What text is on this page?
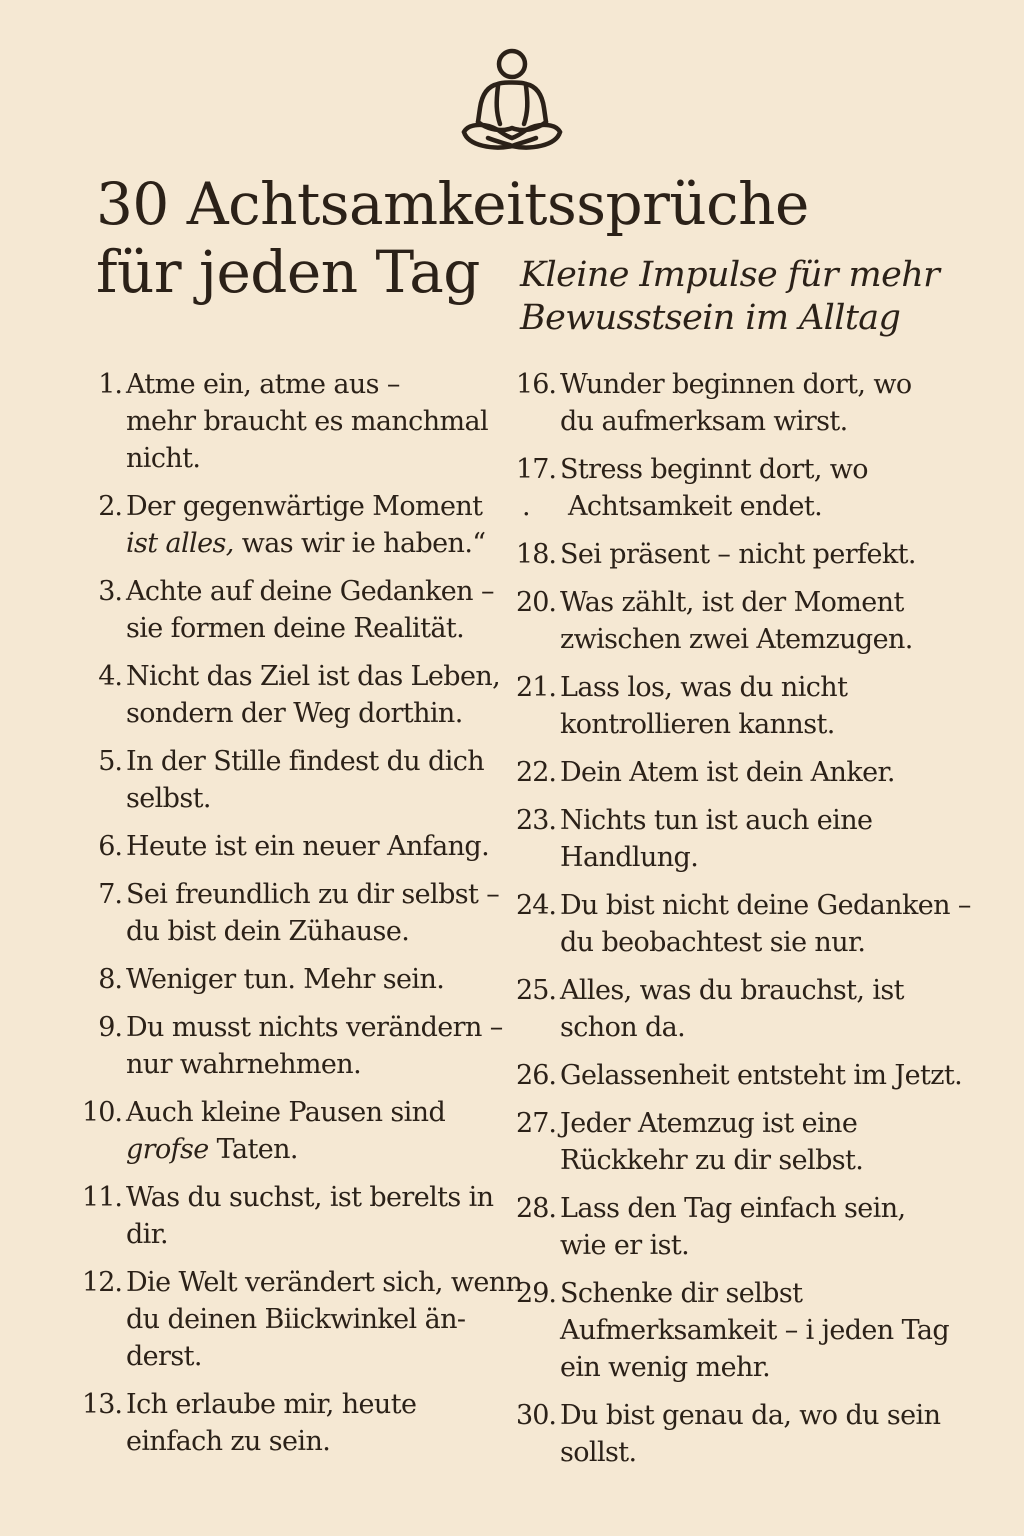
30 Achtsamkeitssprüche
für jeden Tag	Kleine Impulse für mehr
Bewusstsein im Alltag

1. Atme ein, atme aus –
mehr braucht es manchmal
nicht.
2. Der gegenwärtige Moment
ist alles, was wir ie haben.“
3. Achte auf deine Gedanken –
sie formen deine Realität.
4. Nicht das Ziel ist das Leben,
sondern der Weg dorthin.
5. In der Stille findest du dich
selbst.
6. Heute ist ein neuer Anfang.
7. Sei freundlich zu dir selbst –
du bist dein Zühause.
8. Weniger tun. Mehr sein.
9. Du musst nichts verändern –
nur wahrnehmen.
10. Auch kleine Pausen sind
grofse Taten.
11. Was du suchst, ist berelts in
dir.
12. Die Welt verändert sich, wenn
du deinen Biickwinkel än-
derst.
13. Ich erlaube mir, heute
einfach zu sein.
16. Wunder beginnen dort, wo
du aufmerksam wirst.
17. Stress beginnt dort, wo
.	Achtsamkeit endet.
18. Sei präsent – nicht perfekt.
20. Was zählt, ist der Moment
zwischen zwei Atemzugen.
21. Lass los, was du nicht
kontrollieren kannst.
22. Dein Atem ist dein Anker.
23. Nichts tun ist auch eine
Handlung.
24. Du bist nicht deine Gedanken –
du beobachtest sie nur.
25. Alles, was du brauchst, ist
schon da.
26. Gelassenheit entsteht im Jetzt.
27. Jeder Atemzug ist eine
Rückkehr zu dir selbst.
28. Lass den Tag einfach sein,
wie er ist.
29. Schenke dir selbst
Aufmerksamkeit – i jeden Tag
ein wenig mehr.
30. Du bist genau da, wo du sein
sollst.
